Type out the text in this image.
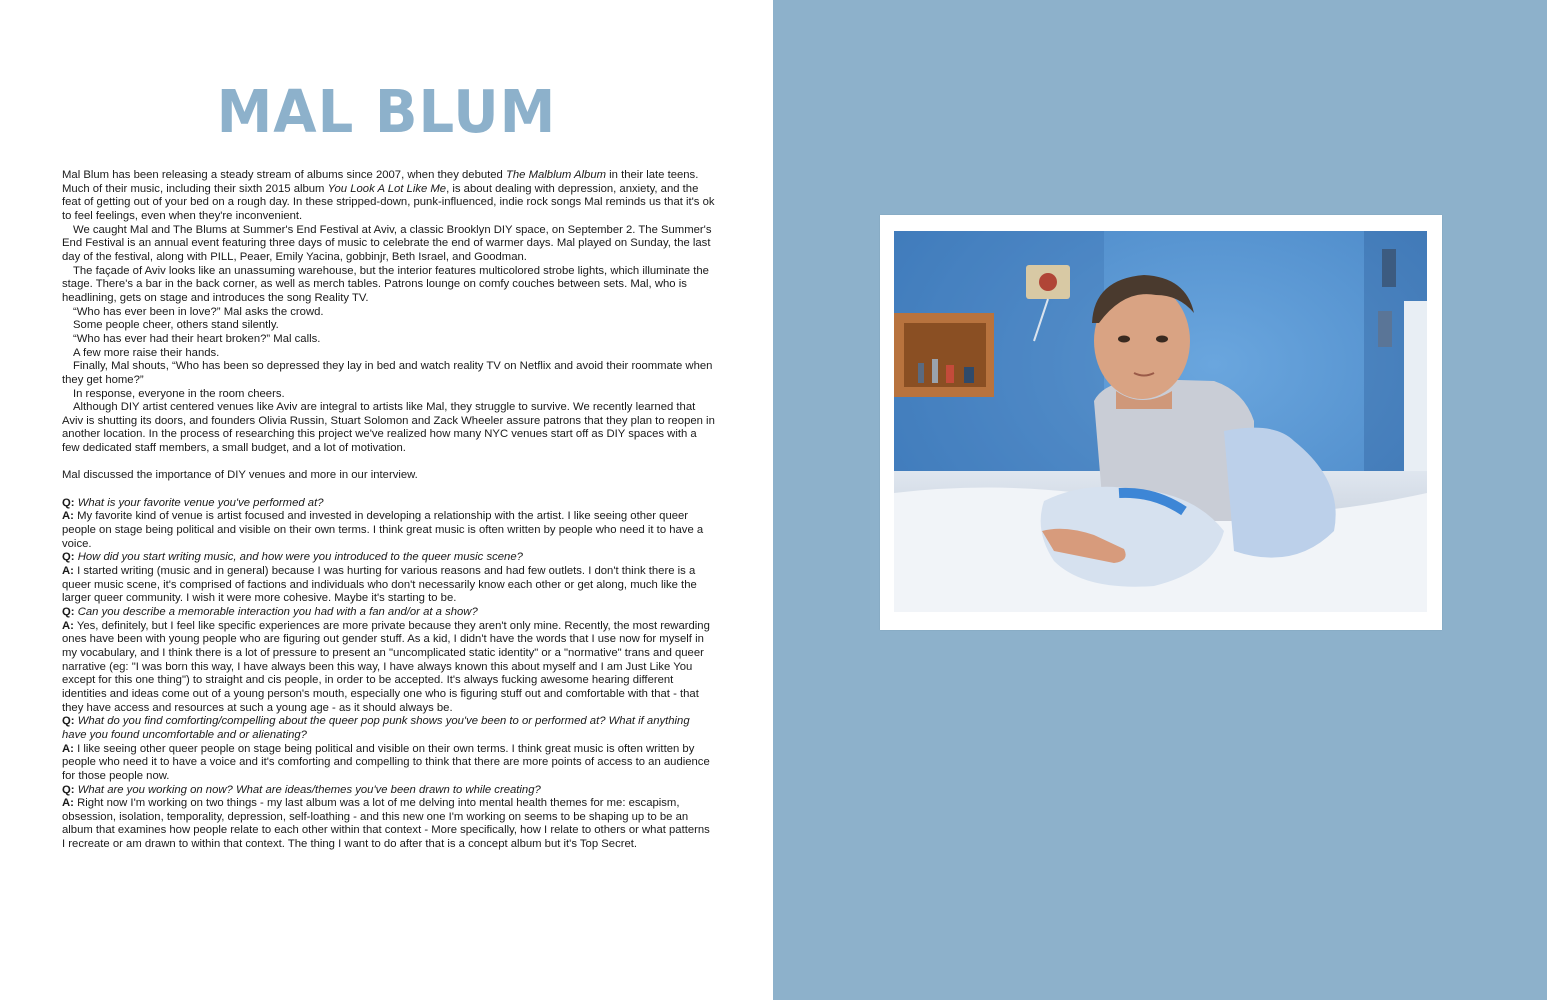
MAL BLUM

Mal Blum has been releasing a steady stream of albums since 2007, when they debuted The Malblum Album in their late teens. Much of their music, including their sixth 2015 album You Look A Lot Like Me, is about dealing with depression, anxiety, and the feat of getting out of your bed on a rough day. In these stripped-down, punk-influenced, indie rock songs Mal reminds us that it's ok to feel feelings, even when they're inconvenient.

We caught Mal and The Blums at Summer's End Festival at Aviv, a classic Brooklyn DIY space, on September 2. The Summer's End Festival is an annual event featuring three days of music to celebrate the end of warmer days. Mal played on Sunday, the last day of the festival, along with PILL, Peaer, Emily Yacina, gobbinjr, Beth Israel, and Goodman.

The façade of Aviv looks like an unassuming warehouse, but the interior features multicolored strobe lights, which illuminate the stage. There's a bar in the back corner, as well as merch tables. Patrons lounge on comfy couches between sets. Mal, who is headlining, gets on stage and introduces the song Reality TV.

“Who has ever been in love?” Mal asks the crowd.

Some people cheer, others stand silently.

“Who has ever had their heart broken?” Mal calls.

A few more raise their hands.

Finally, Mal shouts, “Who has been so depressed they lay in bed and watch reality TV on Netflix and avoid their roommate when they get home?”

In response, everyone in the room cheers.

Although DIY artist centered venues like Aviv are integral to artists like Mal, they struggle to survive. We recently learned that Aviv is shutting its doors, and founders Olivia Russin, Stuart Solomon and Zack Wheeler assure patrons that they plan to reopen in another location. In the process of researching this project we've realized how many NYC venues start off as DIY spaces with a few dedicated staff members, a small budget, and a lot of motivation.

Mal discussed the importance of DIY venues and more in our interview.

Q: What is your favorite venue you've performed at?

A: My favorite kind of venue is artist focused and invested in developing a relationship with the artist. I like seeing other queer people on stage being political and visible on their own terms. I think great music is often written by people who need it to have a voice.

Q: How did you start writing music, and how were you introduced to the queer music scene?

A: I started writing (music and in general) because I was hurting for various reasons and had few outlets. I don't think there is a queer music scene, it's comprised of factions and individuals who don't necessarily know each other or get along, much like the larger queer community. I wish it were more cohesive. Maybe it's starting to be.

Q: Can you describe a memorable interaction you had with a fan and/or at a show?

A: Yes, definitely, but I feel like specific experiences are more private because they aren't only mine. Recently, the most rewarding ones have been with young people who are figuring out gender stuff. As a kid, I didn't have the words that I use now for myself in my vocabulary, and I think there is a lot of pressure to present an "uncomplicated static identity" or a "normative" trans and queer narrative (eg: "I was born this way, I have always been this way, I have always known this about myself and I am Just Like You except for this one thing") to straight and cis people, in order to be accepted. It's always fucking awesome hearing different identities and ideas come out of a young person's mouth, especially one who is figuring stuff out and comfortable with that - that they have access and resources at such a young age - as it should always be.

Q: What do you find comforting/compelling about the queer pop punk shows you've been to or performed at? What if anything have you found uncomfortable and or alienating?

A: I like seeing other queer people on stage being political and visible on their own terms. I think great music is often written by people who need it to have a voice and it's comforting and compelling to think that there are more points of access to an audience for those people now.

Q: What are you working on now? What are ideas/themes you've been drawn to while creating?

A: Right now I'm working on two things - my last album was a lot of me delving into mental health themes for me: escapism, obsession, isolation, temporality, depression, self-loathing - and this new one I'm working on seems to be shaping up to be an album that examines how people relate to each other within that context - More specifically, how I relate to others or what patterns I recreate or am drawn to within that context. The thing I want to do after that is a concept album but it's Top Secret.
